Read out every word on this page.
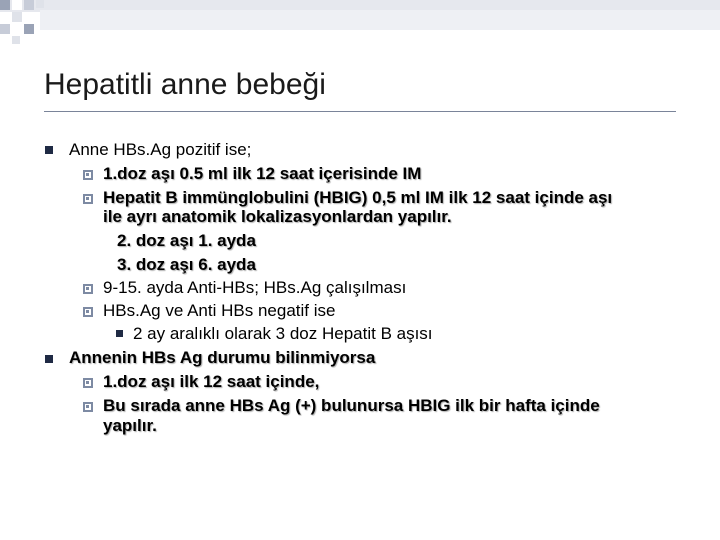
Hepatitli anne bebeği
Anne HBs.Ag pozitif ise;
1.doz aşı 0.5 ml ilk 12 saat içerisinde IM
Hepatit B immünglobulini (HBIG) 0,5 ml IM ilk 12 saat içinde aşı
ile ayrı anatomik lokalizasyonlardan yapılır.
2. doz aşı 1. ayda
3. doz aşı 6. ayda
9-15. ayda Anti-HBs; HBs.Ag çalışılması
HBs.Ag ve Anti HBs negatif ise
2 ay aralıklı olarak 3 doz Hepatit B aşısı
Annenin HBs Ag durumu bilinmiyorsa
1.doz aşı ilk 12 saat içinde,
Bu sırada anne HBs Ag (+) bulunursa HBIG ilk bir hafta içinde
yapılır.
